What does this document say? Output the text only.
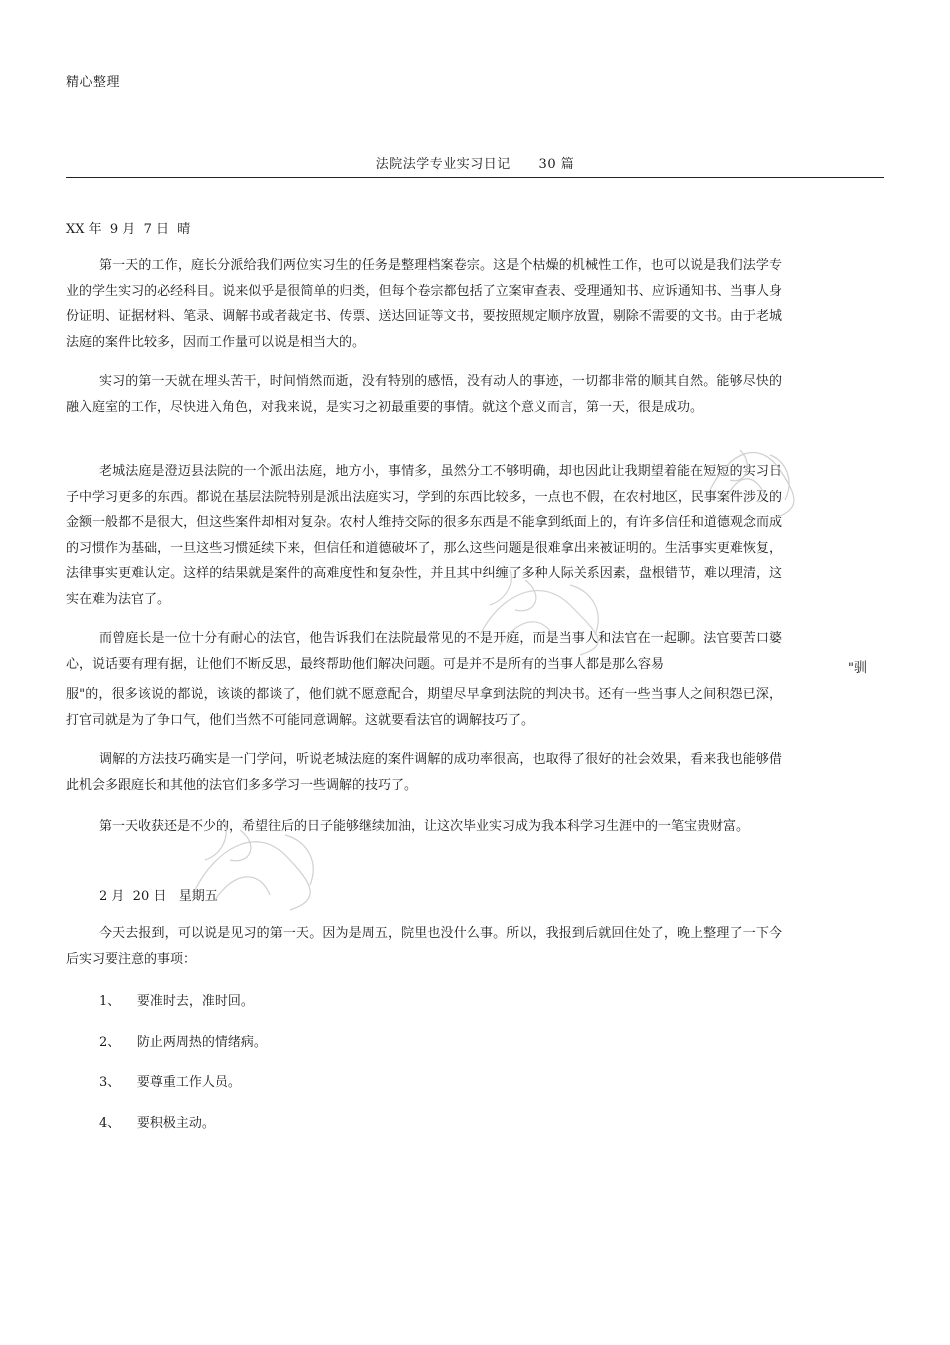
精心整理
法院法学专业实习日记      30 篇
XX 年  9 月  7 日  晴

第一天的工作，庭长分派给我们两位实习生的任务是整理档案卷宗。这是个枯燥的机械性工作，也可以说是我们法学专业的学生实习的必经科目。说来似乎是很简单的归类，但每个卷宗都包括了立案审查表、受理通知书、应诉通知书、当事人身份证明、证据材料、笔录、调解书或者裁定书、传票、送达回证等文书，要按照规定顺序放置，剔除不需要的文书。由于老城法庭的案件比较多，因而工作量可以说是相当大的。

实习的第一天就在埋头苦干，时间悄然而逝，没有特别的感悟，没有动人的事迹，一切都非常的顺其自然。能够尽快的融入庭室的工作，尽快进入角色，对我来说，是实习之初最重要的事情。就这个意义而言，第一天，很是成功。

老城法庭是澄迈县法院的一个派出法庭，地方小，事情多，虽然分工不够明确，却也因此让我期望着能在短短的实习日子中学习更多的东西。都说在基层法院特别是派出法庭实习，学到的东西比较多，一点也不假，在农村地区，民事案件涉及的金额一般都不是很大，但这些案件却相对复杂。农村人维持交际的很多东西是不能拿到纸面上的，有许多信任和道德观念而成的习惯作为基础，一旦这些习惯延续下来，但信任和道德破坏了，那么这些问题是很难拿出来被证明的。生活事实更难恢复，法律事实更难认定。这样的结果就是案件的高难度性和复杂性，并且其中纠缠了多种人际关系因素，盘根错节，难以理清，这实在难为法官了。

而曾庭长是一位十分有耐心的法官，他告诉我们在法院最常见的不是开庭，而是当事人和法官在一起聊。法官要苦口婆心，说话要有理有据，让他们不断反思，最终帮助他们解决问题。可是并不是所有的当事人都是那么容易	"驯

服"的，很多该说的都说，该谈的都谈了，他们就不愿意配合，期望尽早拿到法院的判决书。还有一些当事人之间积怨已深，打官司就是为了争口气，他们当然不可能同意调解。这就要看法官的调解技巧了。

调解的方法技巧确实是一门学问，听说老城法庭的案件调解的成功率很高，也取得了很好的社会效果，看来我也能够借此机会多跟庭长和其他的法官们多多学习一些调解的技巧了。

第一天收获还是不少的，希望往后的日子能够继续加油，让这次毕业实习成为我本科学习生涯中的一笔宝贵财富。

2 月  20 日   星期五

今天去报到，可以说是见习的第一天。因为是周五，院里也没什么事。所以，我报到后就回住处了，晚上整理了一下今后实习要注意的事项：

1、 要准时去，准时回。
2、 防止两周热的情绪病。
3、 要尊重工作人员。
4、 要积极主动。
